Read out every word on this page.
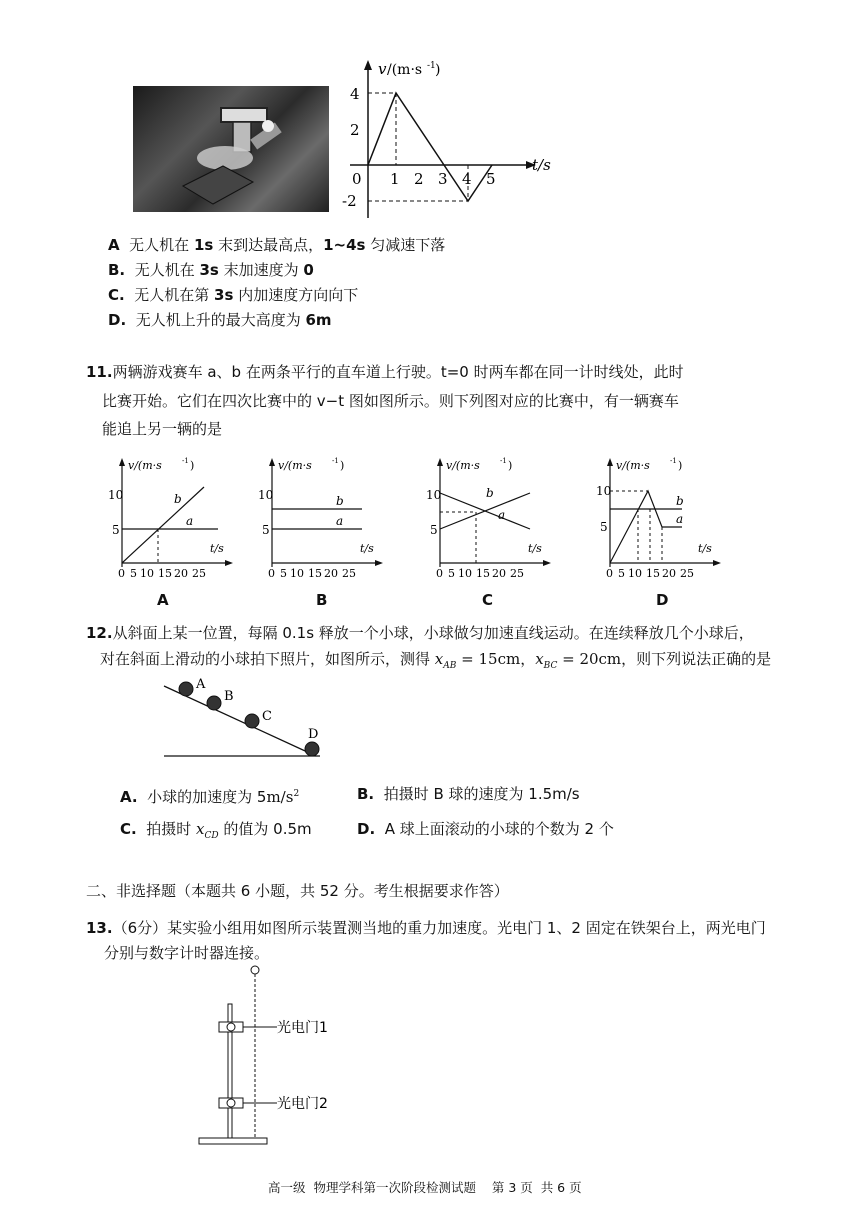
v /(m·s -1 )
t/s
4
2
0
-2
1 2 3 4 5
A 无人机在 1s 末到达最高点，1~4s 匀减速下落
B. 无人机在 3s 末加速度为 0
C. 无人机在第 3s 内加速度方向向下
D. 无人机上升的最大高度为 6m
11.两辆游戏赛车 a、b 在两条平行的直车道上行驶。t=0 时两车都在同一计时线处，此时
比赛开始。它们在四次比赛中的 v−t 图如图所示。则下列图对应的比赛中，有一辆赛车
能追上另一辆的是
v/(m·s	-1 )
10
5
b
a
t/s
0 5 10 15 20 25
v/(m·s	-1 )
10
5
b
a
t/s
0 5 10 15 20 25
v/(m·s	-1 )
10
5
b
a
t/s
0 5 10 15 20 25
v/(m·s	-1 )
10
5
b
a
t/s
0 5 10 15 20 25
A	B	C	D
12.从斜面上某一位置，每隔 0.1s 释放一个小球，小球做匀加速直线运动。在连续释放几个小球后，
对在斜面上滑动的小球拍下照片，如图所示，测得 $x_{AB} = 15cm$，$x_{BC} = 20cm$，则下列说法正确的是
A
B
C
D
A. 小球的加速度为 $5m/s^2$	B. 拍摄时 B 球的速度为 1.5m/s
C. 拍摄时 $x_{CD}$ 的值为 0.5m	D. A 球上面滚动的小球的个数为 2 个
二、非选择题（本题共 6 小题，共 52 分。考生根据要求作答）
13.（6分）某实验小组用如图所示装置测当地的重力加速度。光电门 1、2 固定在铁架台上，两光电门
分别与数字计时器连接。
光电门1
光电门2
高一级  物理学科第一次阶段检测试题    第 3 页  共 6 页
